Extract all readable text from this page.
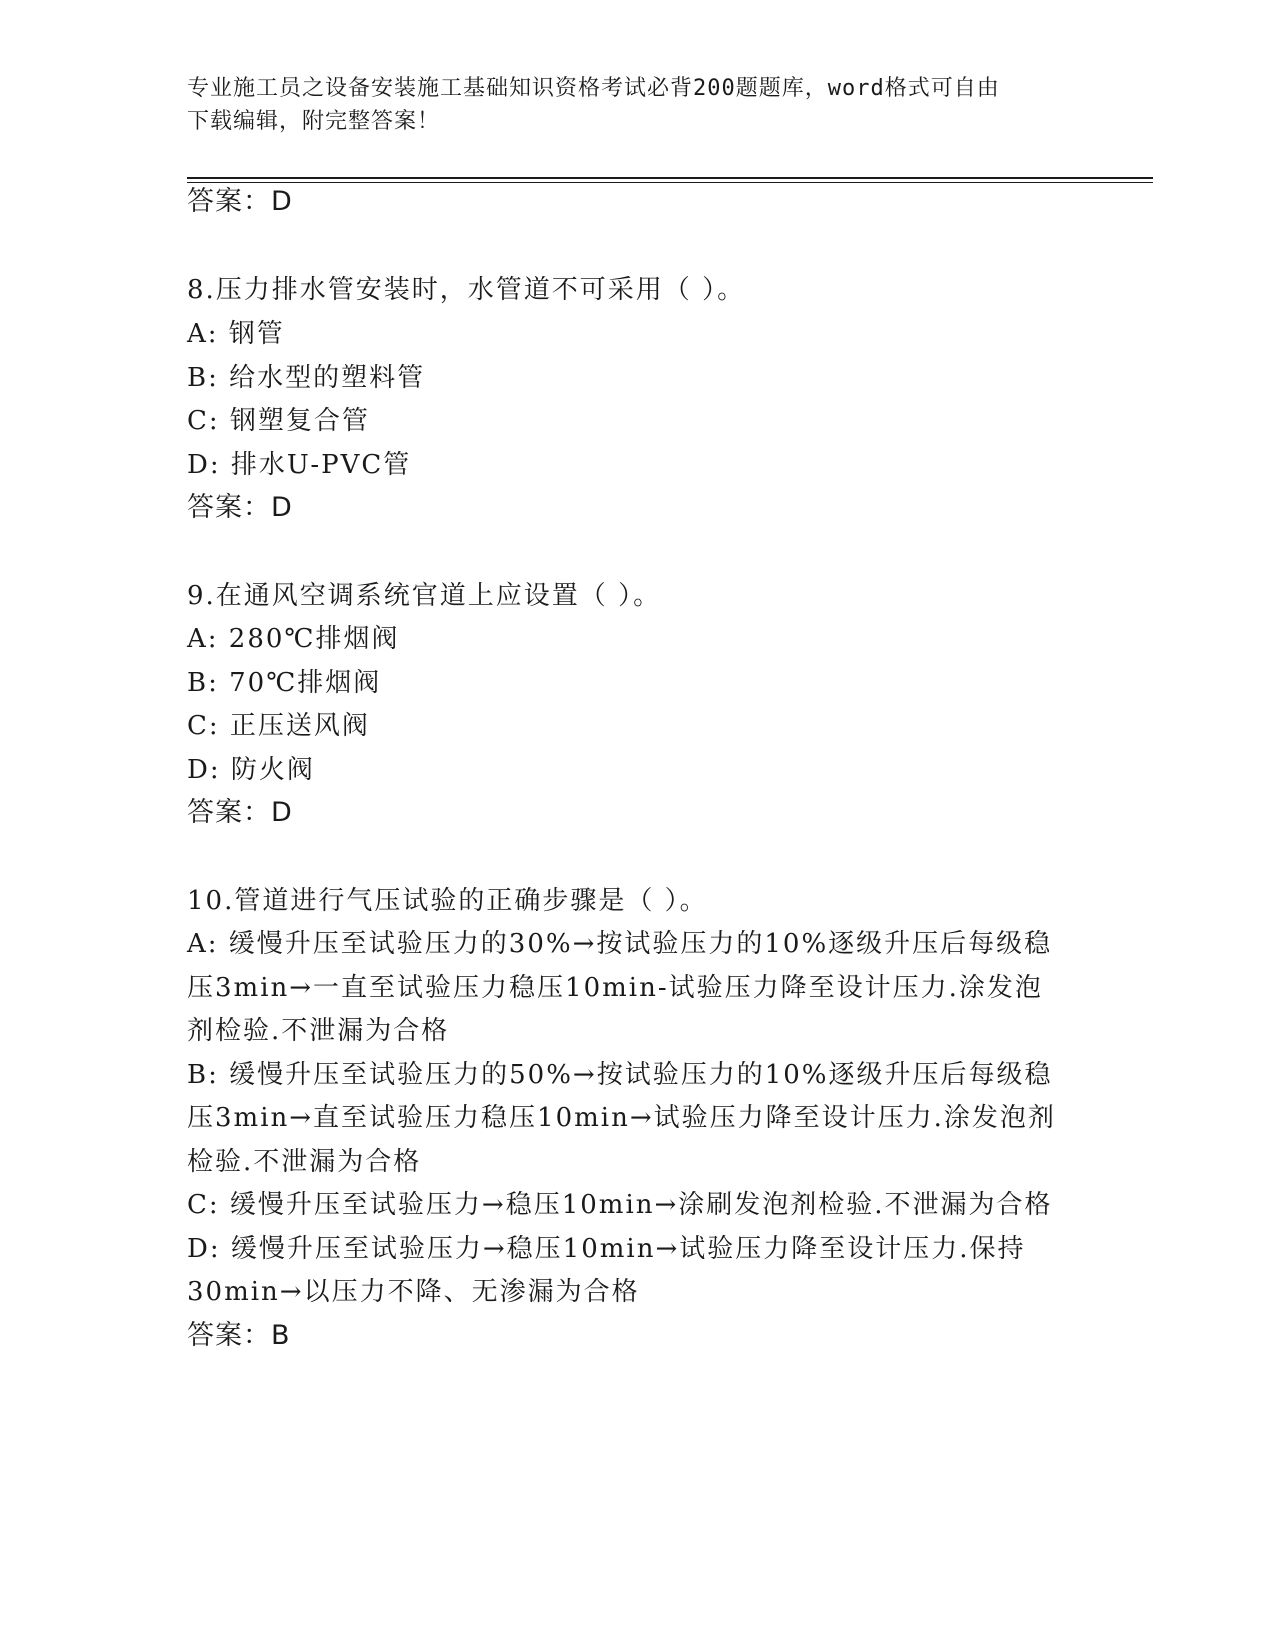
专业施工员之设备安装施工基础知识资格考试必背200题题库，word格式可自由
下载编辑，附完整答案！
答案：D
8.压力排水管安装时，水管道不可采用（ ）。
A: 钢管
B: 给水型的塑料管
C: 钢塑复合管
D: 排水U-PVC管
答案：D
9.在通风空调系统官道上应设置（ ）。
A: 280℃排烟阀
B: 70℃排烟阀
C: 正压送风阀
D: 防火阀
答案：D
10.管道进行气压试验的正确步骤是（ ）。
A: 缓慢升压至试验压力的30%→按试验压力的10%逐级升压后每级稳
压3min→一直至试验压力稳压10min-试验压力降至设计压力.涂发泡
剂检验.不泄漏为合格
B: 缓慢升压至试验压力的50%→按试验压力的10%逐级升压后每级稳
压3min→直至试验压力稳压10min→试验压力降至设计压力.涂发泡剂
检验.不泄漏为合格
C: 缓慢升压至试验压力→稳压10min→涂刷发泡剂检验.不泄漏为合格
D: 缓慢升压至试验压力→稳压10min→试验压力降至设计压力.保持
30min→以压力不降、无渗漏为合格
答案：B
